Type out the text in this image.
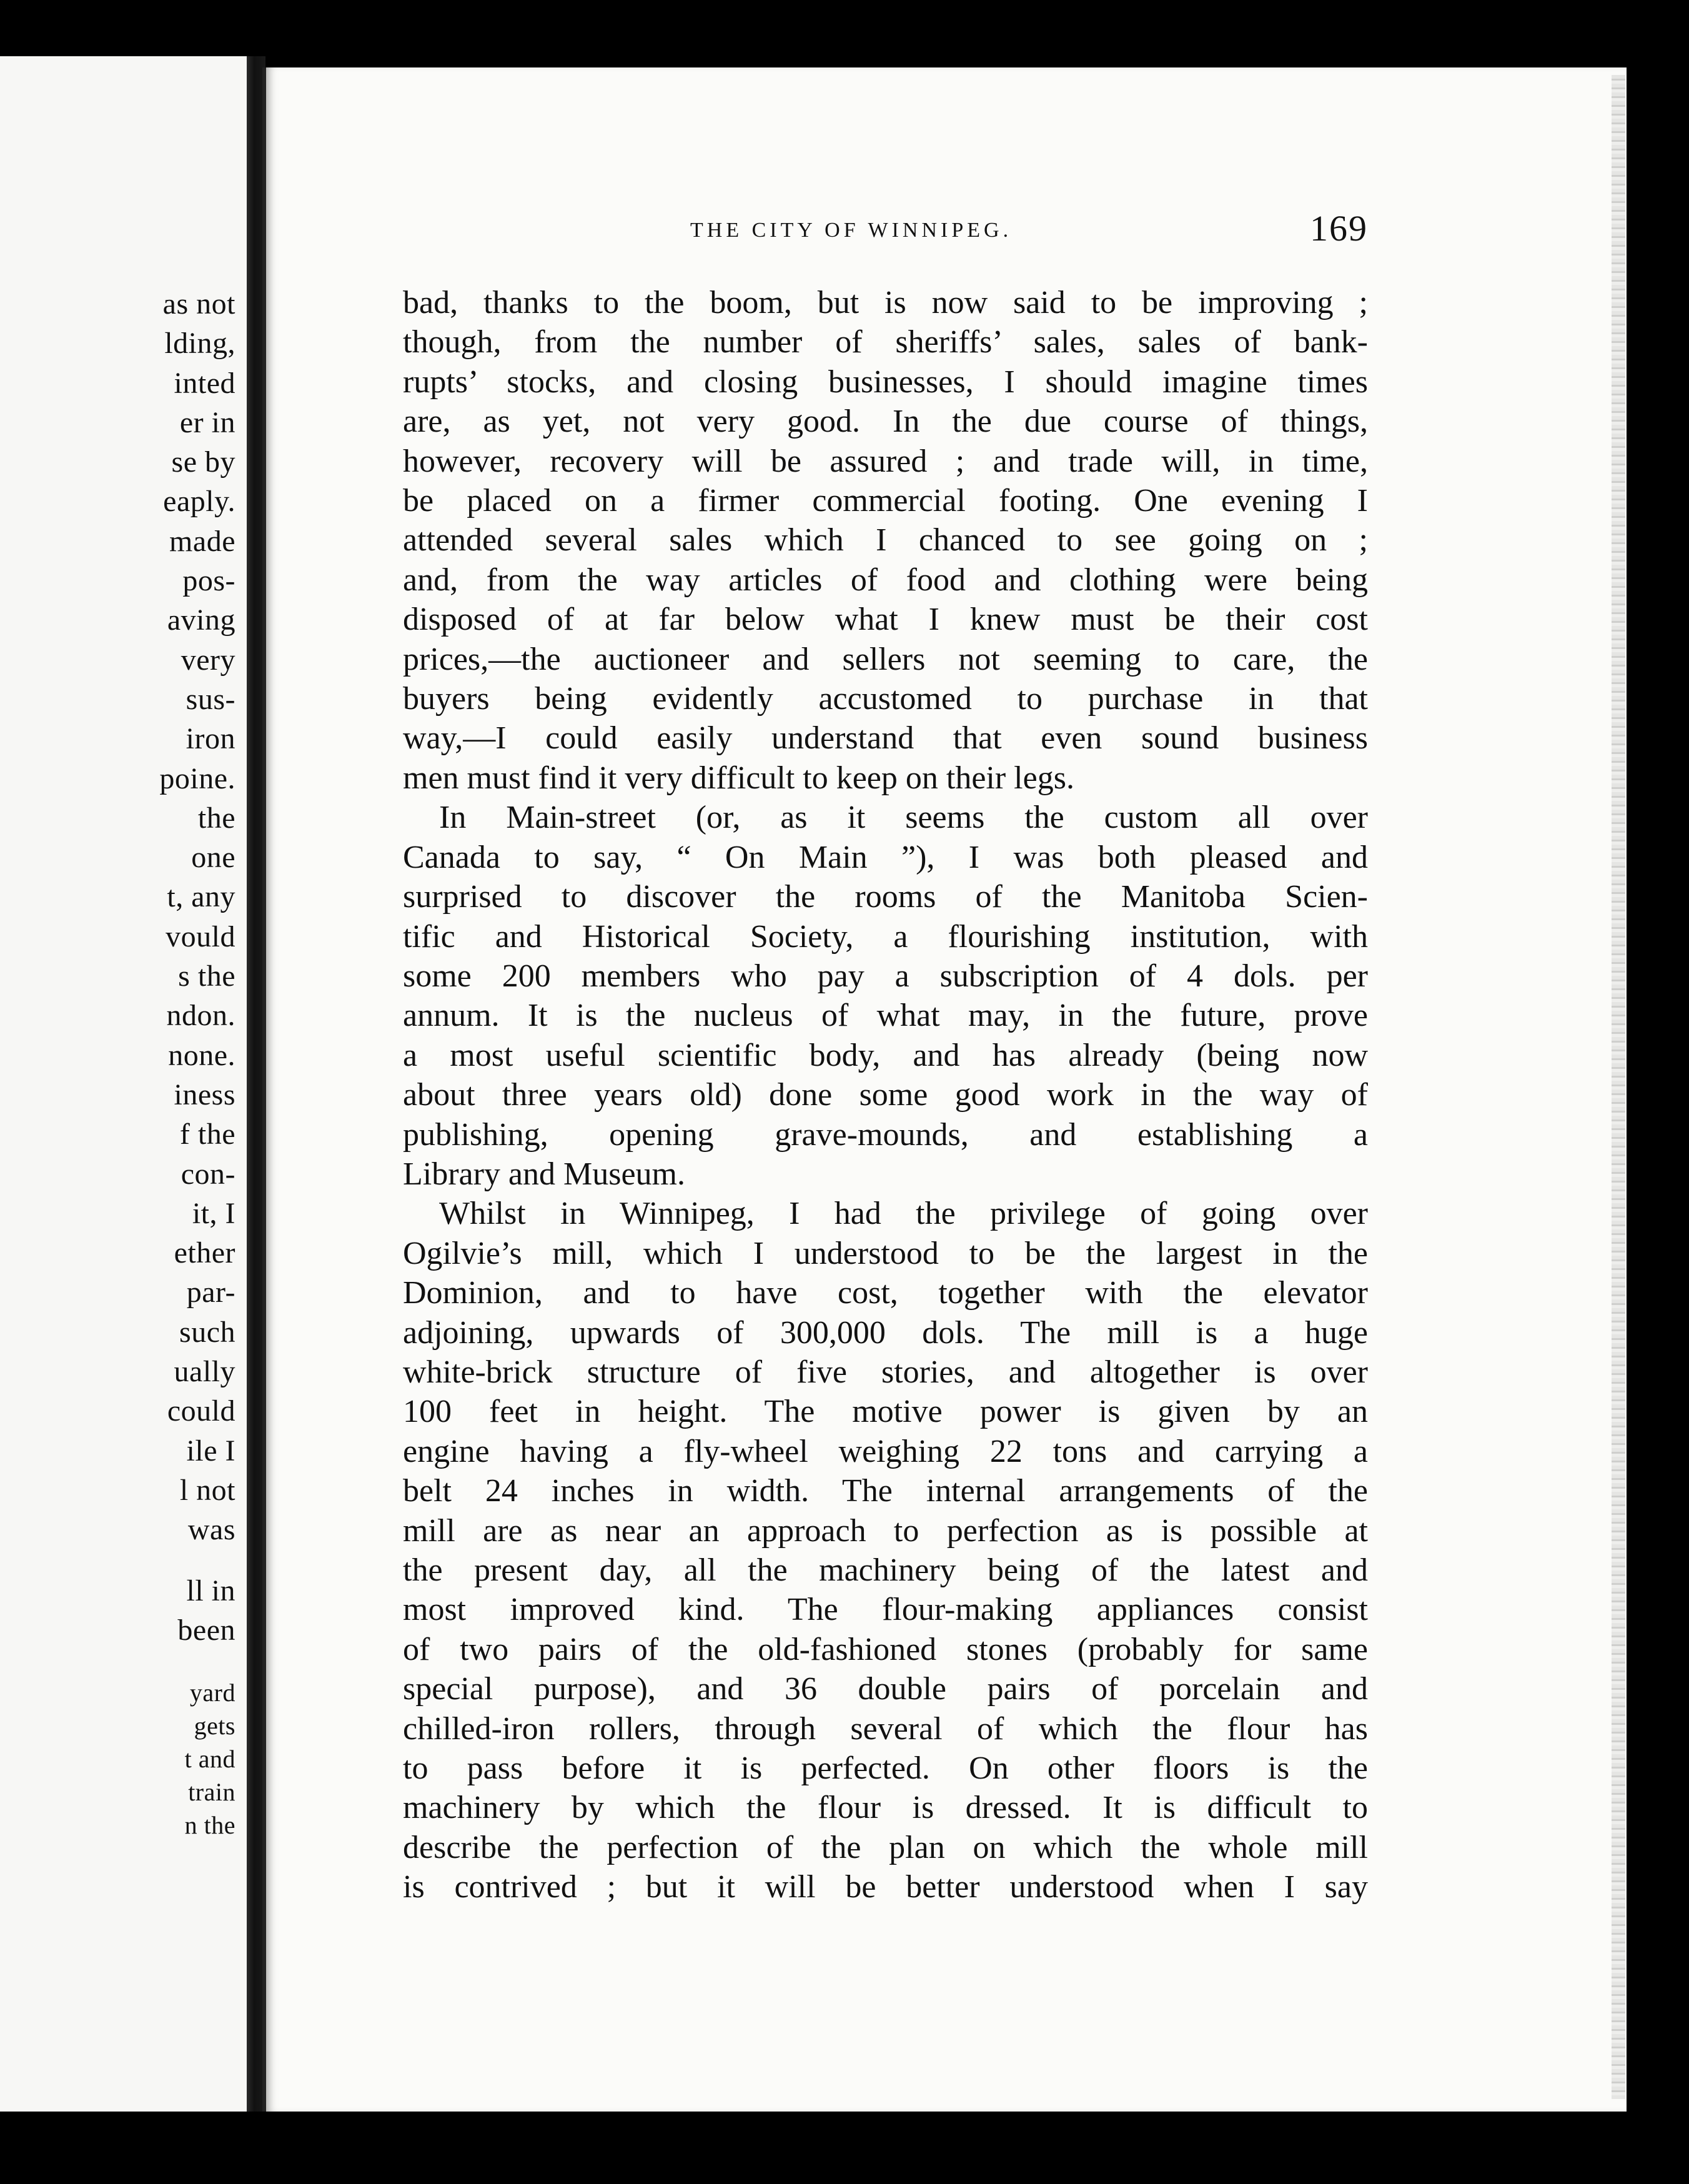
as not
lding,
inted
er in
se by
eaply.
made
pos-
aving
very
sus-
iron
poine.
the
one
t, any
vould
s the
ndon.
none.
iness
f the
con-
it, I
ether
par-
such
ually
could
ile I
l not
was
ll in
been
yard
gets
t and
train
n the
THE CITY OF WINNIPEG.	169
bad, thanks to the boom, but is now said to be improving ;
though, from the number of sheriffs’ sales, sales of bank-
rupts’ stocks, and closing businesses, I should imagine times
are, as yet, not very good. In the due course of things,
however, recovery will be assured ; and trade will, in time,
be placed on a firmer commercial footing. One evening I
attended several sales which I chanced to see going on ;
and, from the way articles of food and clothing were being
disposed of at far below what I knew must be their cost
prices,—the auctioneer and sellers not seeming to care, the
buyers being evidently accustomed to purchase in that
way,—I could easily understand that even sound business
men must find it very difficult to keep on their legs.
In Main-street (or, as it seems the custom all over
Canada to say, “ On Main ”), I was both pleased and
surprised to discover the rooms of the Manitoba Scien-
tific and Historical Society, a flourishing institution, with
some 200 members who pay a subscription of 4 dols. per
annum. It is the nucleus of what may, in the future, prove
a most useful scientific body, and has already (being now
about three years old) done some good work in the way of
publishing, opening grave-mounds, and establishing a
Library and Museum.
Whilst in Winnipeg, I had the privilege of going over
Ogilvie’s mill, which I understood to be the largest in the
Dominion, and to have cost, together with the elevator
adjoining, upwards of 300,000 dols. The mill is a huge
white-brick structure of five stories, and altogether is over
100 feet in height. The motive power is given by an
engine having a fly-wheel weighing 22 tons and carrying a
belt 24 inches in width. The internal arrangements of the
mill are as near an approach to perfection as is possible at
the present day, all the machinery being of the latest and
most improved kind. The flour-making appliances consist
of two pairs of the old-fashioned stones (probably for same
special purpose), and 36 double pairs of porcelain and
chilled-iron rollers, through several of which the flour has
to pass before it is perfected. On other floors is the
machinery by which the flour is dressed. It is difficult to
describe the perfection of the plan on which the whole mill
is contrived ; but it will be better understood when I say
